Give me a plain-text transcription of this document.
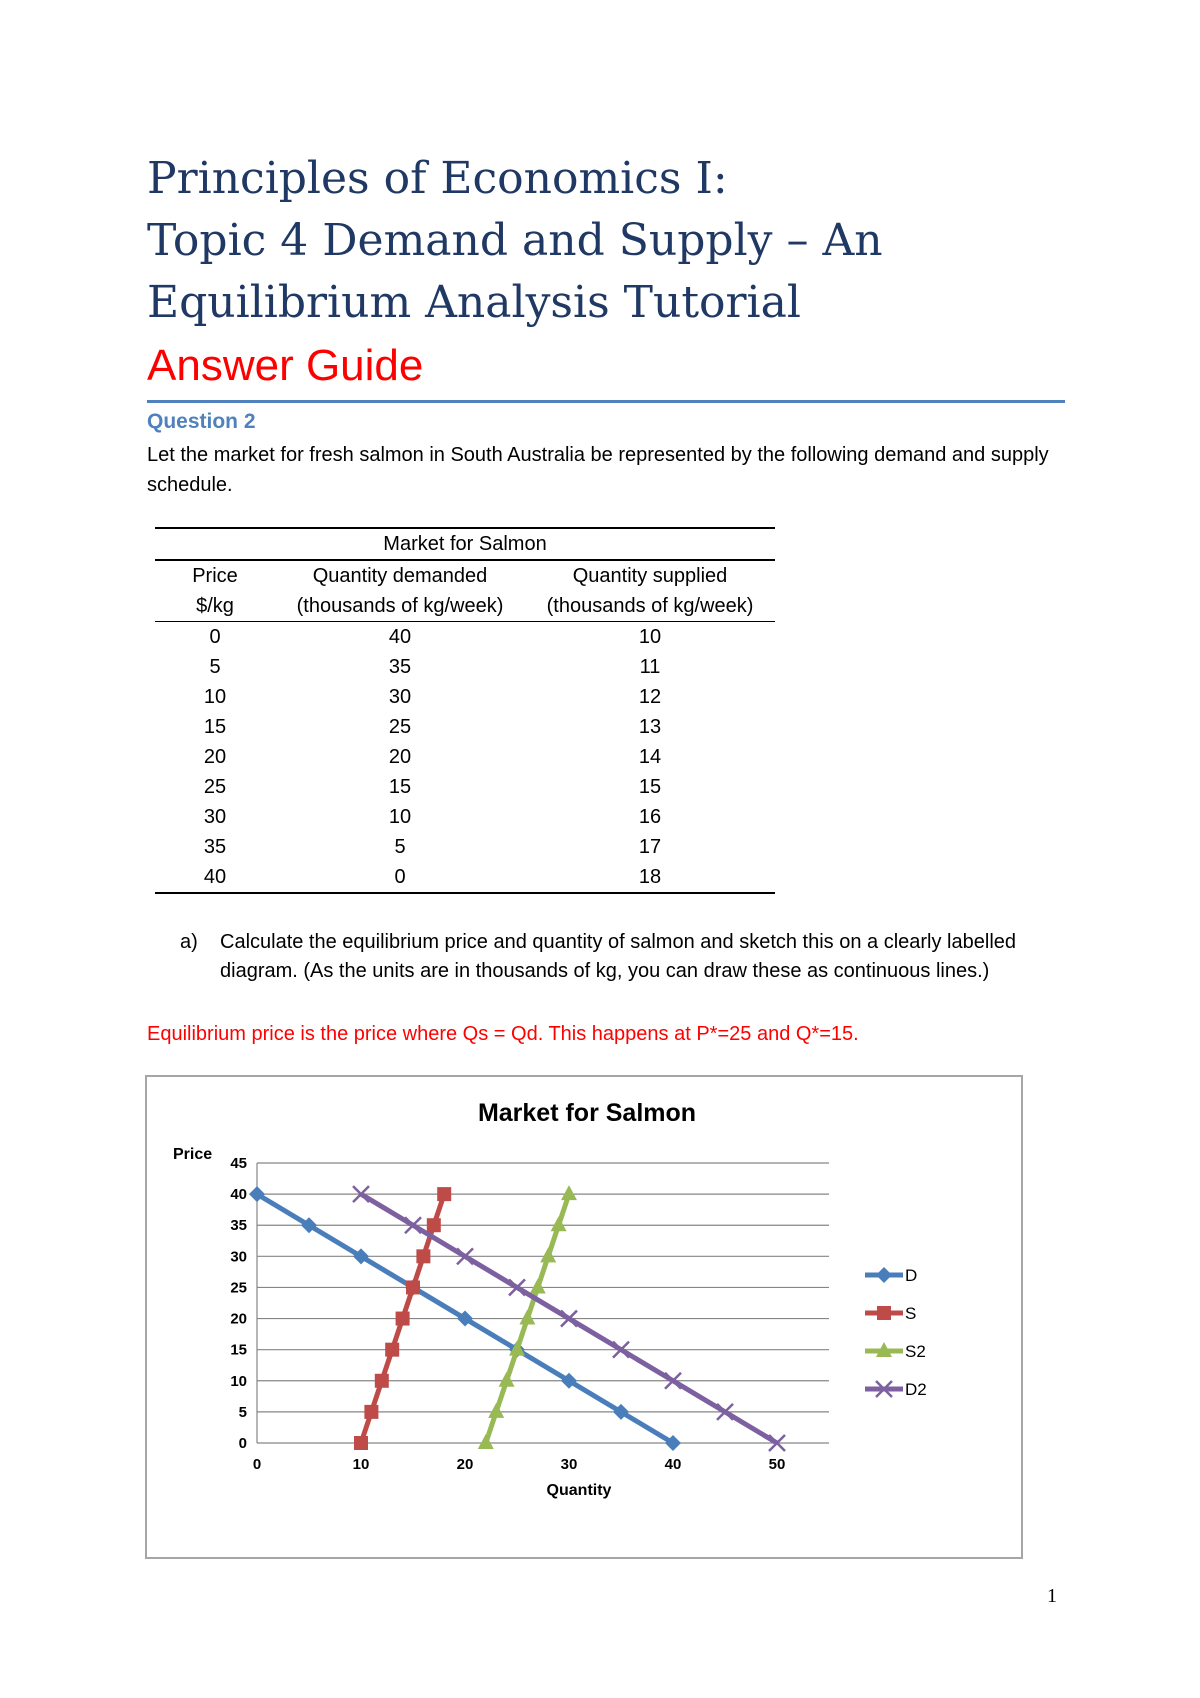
Principles of Economics I:
Topic 4 Demand and Supply – An
Equilibrium Analysis Tutorial
Answer Guide
Question 2
Let the market for fresh salmon in South Australia be represented by the following demand and supply schedule.
Market for Salmon		
Price	Quantity demanded	Quantity supplied
$/kg	(thousands of kg/week)	(thousands of kg/week)
0	40	10
5	35	11
10	30	12
15	25	13
20	20	14
25	15	15
30	10	16
35	5	17
40	0	18
a) Calculate the equilibrium price and quantity of salmon and sketch this on a clearly labelled diagram. (As the units are in thousands of kg, you can draw these as continuous lines.)
Equilibrium price is the price where Qs = Qd. This happens at P*=25 and Q*=15.
0
5
10
15
20
25
30
35
40
45
0	10	20	30	40	50
D
S
S2
D2
Market for Salmon
Price
Quantity
1
